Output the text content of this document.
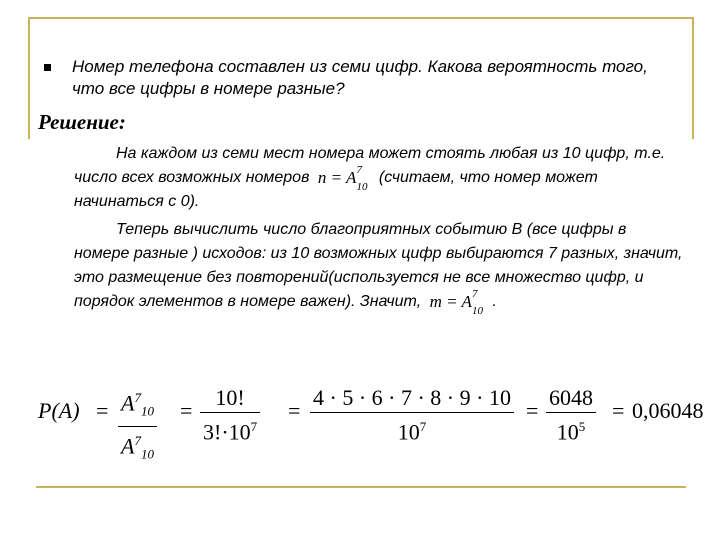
Номер телефона составлен из семи цифр. Какова вероятность того, что все цифры в номере разные?
Решение:
На каждом из семи мест номера может стоять любая из 10 цифр, т.е. число всех возможных номеров n = A 7
10
(считаем, что номер может начинаться с 0).
Теперь вычислить число благоприятных событию В (все цифры в номере разные ) исходов: из 10 возможных цифр выбираются 7 разных, значит, это размещение без повторений(используется не все множество цифр, и порядок элементов в номере важен). Значит, m = A 7
10
.
$P(A) = \frac{A^7_{10}}{A^7_{10}} = \frac{10!}{3!\cdot 10^7} = \frac{4 \cdot 5 \cdot 6 \cdot 7 \cdot 8 \cdot 9 \cdot 10}{10^7} = \frac{6048}{10^5} = 0,06048$
